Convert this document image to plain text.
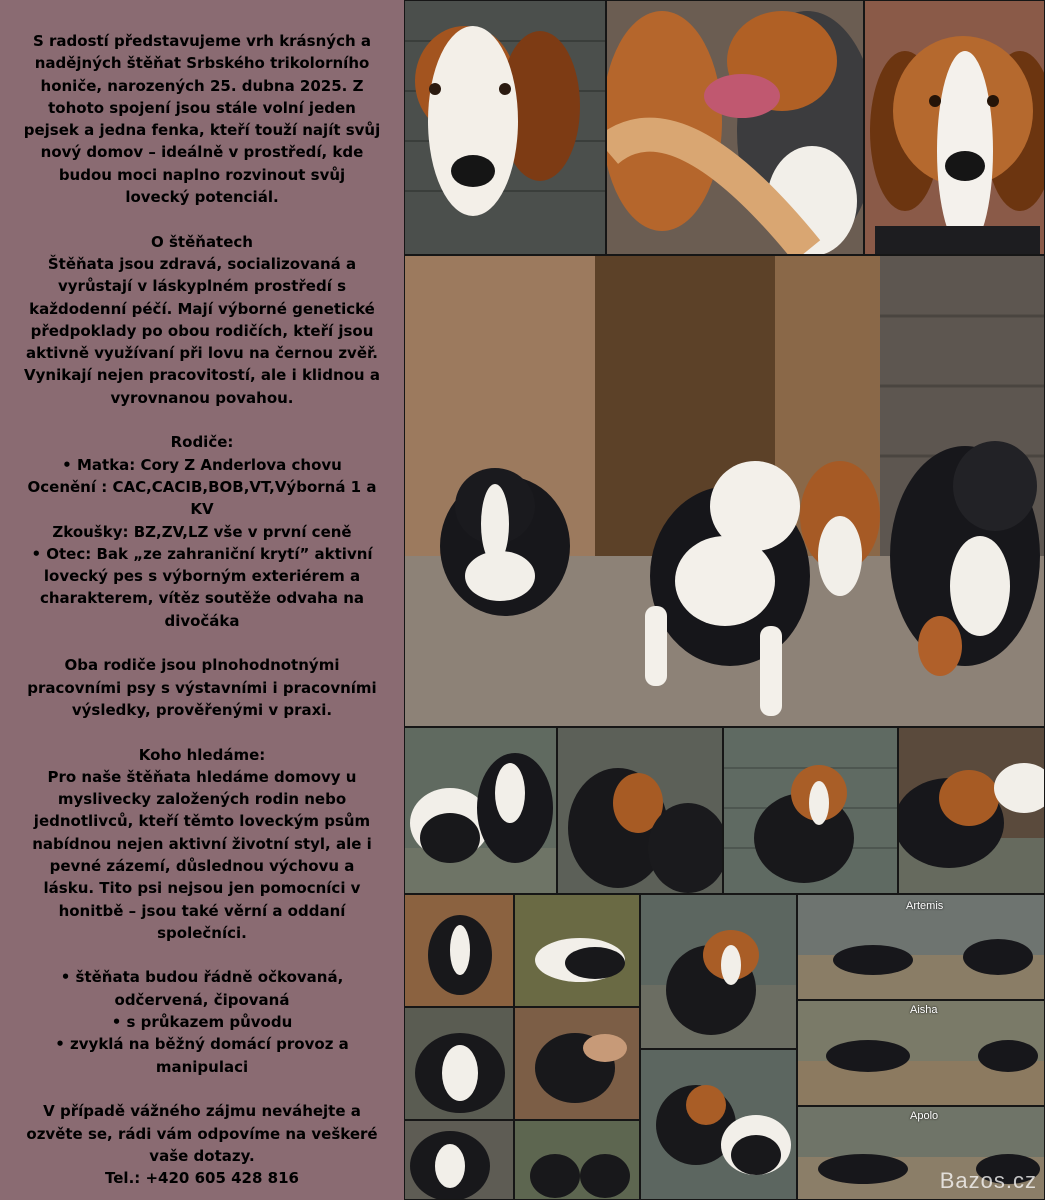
S radostí představujeme vrh krásných a
nadějných štěňat Srbského trikolorního
honiče, narozených 25. dubna 2025. Z
tohoto spojení jsou stále volní jeden
pejsek a jedna fenka, kteří touží najít svůj
nový domov – ideálně v prostředí, kde
budou moci naplno rozvinout svůj
lovecký potenciál.

O štěňatech
Štěňata jsou zdravá, socializovaná a
vyrůstají v láskyplném prostředí s
každodenní péčí. Mají výborné genetické
předpoklady po obou rodičích, kteří jsou
aktivně využívaní při lovu na černou zvěř.
Vynikají nejen pracovitostí, ale i klidnou a
vyrovnanou povahou.

Rodiče:
• Matka: Cory Z Anderlova chovu
Ocenění : CAC,CACIB,BOB,VT,Výborná 1 a
KV
Zkoušky: BZ,ZV,LZ vše v první ceně
• Otec: Bak „ze zahraniční krytí” aktivní
lovecký pes s výborným exteriérem a
charakterem, vítěz soutěže odvaha na
divočáka

Oba rodiče jsou plnohodnotnými
pracovními psy s výstavními i pracovními
výsledky, prověřenými v praxi.

Koho hledáme:
Pro naše štěňata hledáme domovy u
myslivecky založených rodin nebo
jednotlivců, kteří těmto loveckým psům
nabídnou nejen aktivní životní styl, ale i
pevné zázemí, důslednou výchovu a
lásku. Tito psi nejsou jen pomocníci v
honitbě – jsou také věrní a oddaní
společníci.

• štěňata budou řádně očkovaná,
odčervená, čipovaná
• s průkazem původu
• zvyklá na běžný domácí provoz a
manipulaci

V případě vážného zájmu neváhejte a
ozvěte se, rádi vám odpovíme na veškeré
vaše dotazy.
Tel.: +420 605 428 816

Artemis
Aisha
Apolo
Bazos.cz
